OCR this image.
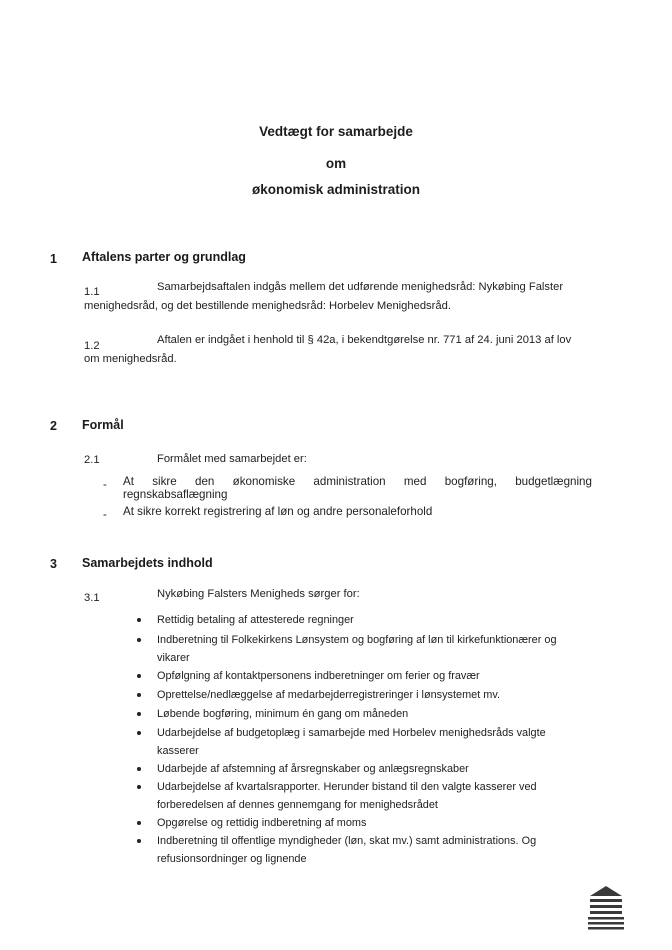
Vedtægt for samarbejde
om
økonomisk administration
1 Aftalens parter og grundlag
1.1	Samarbejdsaftalen indgås mellem det udførende menighedsråd: Nykøbing Falster
menighedsråd, og det bestillende menighedsråd: Horbelev Menighedsråd.
1.2	Aftalen er indgået i henhold til § 42a, i bekendtgørelse nr. 771 af 24. juni 2013 af lov
om menighedsråd.
2 Formål
2.1	Formålet med samarbejdet er:
- At sikre den økonomiske administration med bogføring, budgetlægning
regnskabsaflægning
- At sikre korrekt registrering af løn og andre personaleforhold
3 Samarbejdets indhold
3.1	Nykøbing Falsters Menigheds sørger for:
Rettidig betaling af attesterede regninger
Indberetning til Folkekirkens Lønsystem og bogføring af løn til kirkefunktionærer og vikarer
Opfølgning af kontaktpersonens indberetninger om ferier og fravær
Oprettelse/nedlæggelse af medarbejderregistreringer i lønsystemet mv.
Løbende bogføring, minimum én gang om måneden
Udarbejdelse af budgetoplæg i samarbejde med Horbelev menighedsråds valgte kasserer
Udarbejde af afstemning af årsregnskaber og anlægsregnskaber
Udarbejdelse af kvartalsrapporter. Herunder bistand til den valgte kasserer ved forberedelsen af dennes gennemgang for menighedsrådet
Opgørelse og rettidig indberetning af moms
Indberetning til offentlige myndigheder (løn, skat mv.) samt administrations. Og refusionsordninger og lignende
